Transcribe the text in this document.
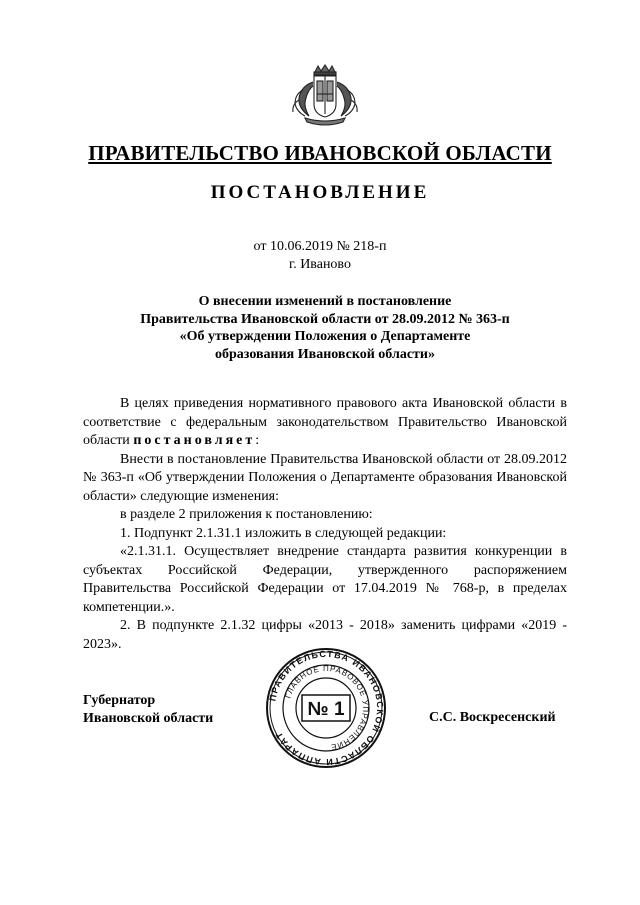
ПРАВИТЕЛЬСТВО ИВАНОВСКОЙ ОБЛАСТИ
ПОСТАНОВЛЕНИЕ
от 10.06.2019 № 218-п
г. Иваново
О внесении изменений в постановление
Правительства Ивановской области от 28.09.2012 № 363-п
«Об утверждении Положения о Департаменте
образования Ивановской области»

В целях приведения нормативного правового акта Ивановской области в соответствие с федеральным законодательством Правительство Ивановской области постановляет:

Внести в постановление Правительства Ивановской области от 28.09.2012 № 363-п «Об утверждении Положения о Департаменте образования Ивановской области» следующие изменения:

в разделе 2 приложения к постановлению:

1. Подпункт 2.1.31.1 изложить в следующей редакции:

«2.1.31.1. Осуществляет внедрение стандарта развития конкуренции в субъектах Российской Федерации, утвержденного распоряжением Правительства Российской Федерации от 17.04.2019 № 768-р, в пределах компетенции.».

2. В подпункте 2.1.32 цифры «2013 - 2018» заменить цифрами «2019 - 2023».

Губернатор
Ивановской области
ПРАВИТЕЛЬСТВА ИВАНОВСКОЙ ОБЛАСТИ АППАРАТ
ГЛАВНОЕ ПРАВОВОЕ УПРАВЛЕНИЕ
№ 1	С.С. Воскресенский
